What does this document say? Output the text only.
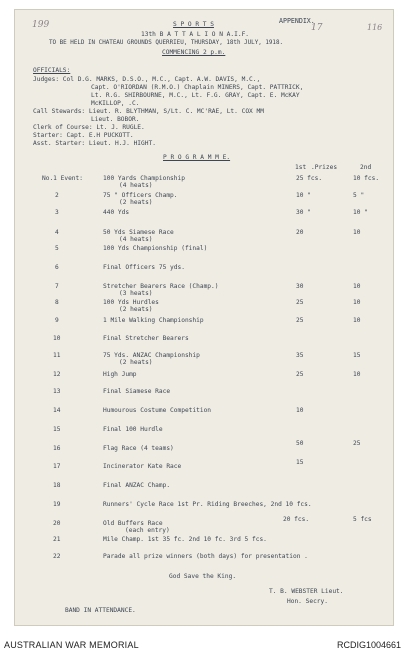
199	17	116
APPENDIX.
S P O R T S
13th B A T T A L I O N A.I.F.
TO BE HELD IN CHATEAU GROUNDS QUERRIEU, THURSDAY, 18th JULY, 1918.
COMMENCING 2 p.m.
OFFICIALS:
Judges: Col D.G. MARKS, D.S.O., M.C., Capt. A.W. DAVIS, M.C.,
Capt. O'RIORDAN (R.M.O.) Chaplain MINERS, Capt. PATTRICK,
Lt. R.G. SHIRBOURNE, M.C., Lt. F.G. GRAY, Capt. E. McKAY
McKILLOP, .C.
Call Stewards: Lieut. R. BLYTHMAN, S/Lt. C. MC'RAE, Lt. COX MM
Lieut. BOBOR.
Clerk of Course: Lt. J. RUGLE.
Starter: Capt. E.H PUCKOTT.
Asst. Starter: Lieut. H.J. HIGHT.
P R O G R A M M E.
1st .Prizes	2nd
No.1 Event:	100 Yards Championship
(4 heats)
25 fcs.	10 fcs.
2	75 " Officers Champ.
(2 heats)
10 "	5 "
3	440 Yds	30 "	10 "
4	50 Yds Siamese Race
(4 heats)
20	10
5	100 Yds Championship (final)
6	Final Officers 75 yds.
7	Stretcher Bearers Race (Champ.)
(3 heats)
30	10
8	100 Yds Hurdles
(2 heats)
25	10
9	1 Mile Walking Championship	25	10
10	Final Stretcher Bearers
11	75 Yds. ANZAC Championship
(2 heats)
35	15
12	High Jump	25	10
13	Final Siamese Race
14	Humourous Costume Competition	10
15	Final 100 Hurdle
16	Flag Race (4 teams)
50	25
17	Incinerator Kate Race
15
18	Final ANZAC Champ.
19	Runners' Cycle Race 1st Pr. Riding Breeches, 2nd 10 fcs.
20	Old Buffers Race
(each entry)
20 fcs.	5 fcs
21	Mile Champ. 1st 35 fc. 2nd 10 fc. 3rd 5 fcs.
22	Parade all prize winners (both days) for presentation .
God Save the King.
T. B. WEBSTER Lieut.
Hon. Secry.
BAND IN ATTENDANCE.
AUSTRALIAN WAR MEMORIAL	RCDIG1004661
